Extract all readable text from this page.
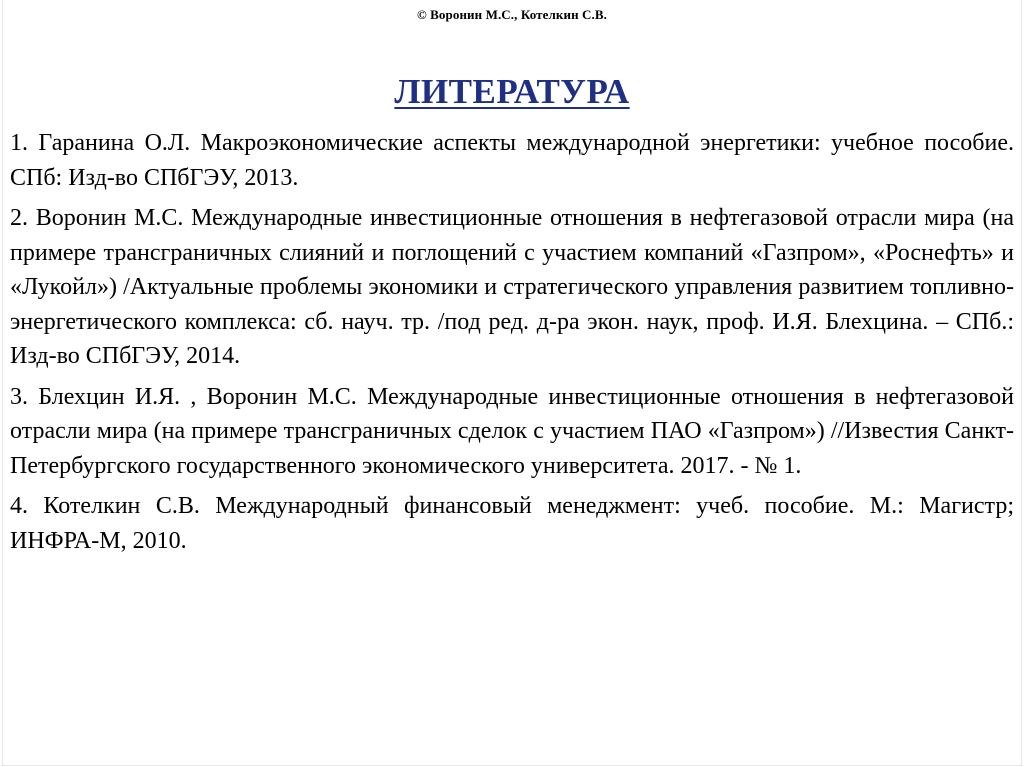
© Воронин М.С., Котелкин С.В.
ЛИТЕРАТУРА

1. Гаранина О.Л. Макроэкономические аспекты международной энергетики: учебное пособие. СПб: Изд-во СПбГЭУ, 2013.

2. Воронин М.С. Международные инвестиционные отношения в нефтегазовой отрасли мира (на примере трансграничных слияний и поглощений с участием компаний «Газпром», «Роснефть» и «Лукойл») /Актуальные проблемы экономики и стратегического управления развитием топливно-энергетического комплекса: сб. науч. тр. /под ред. д-ра экон. наук, проф. И.Я. Блехцина. – СПб.: Изд-во СПбГЭУ, 2014.

3. Блехцин И.Я. , Воронин М.С. Международные инвестиционные отношения в нефтегазовой отрасли мира (на примере трансграничных сделок с участием ПАО «Газпром») //Известия Санкт-Петербургского государственного экономического университета. 2017. - № 1.

4. Котелкин С.В. Международный финансовый менеджмент: учеб. пособие. М.: Магистр; ИНФРА-М, 2010.
